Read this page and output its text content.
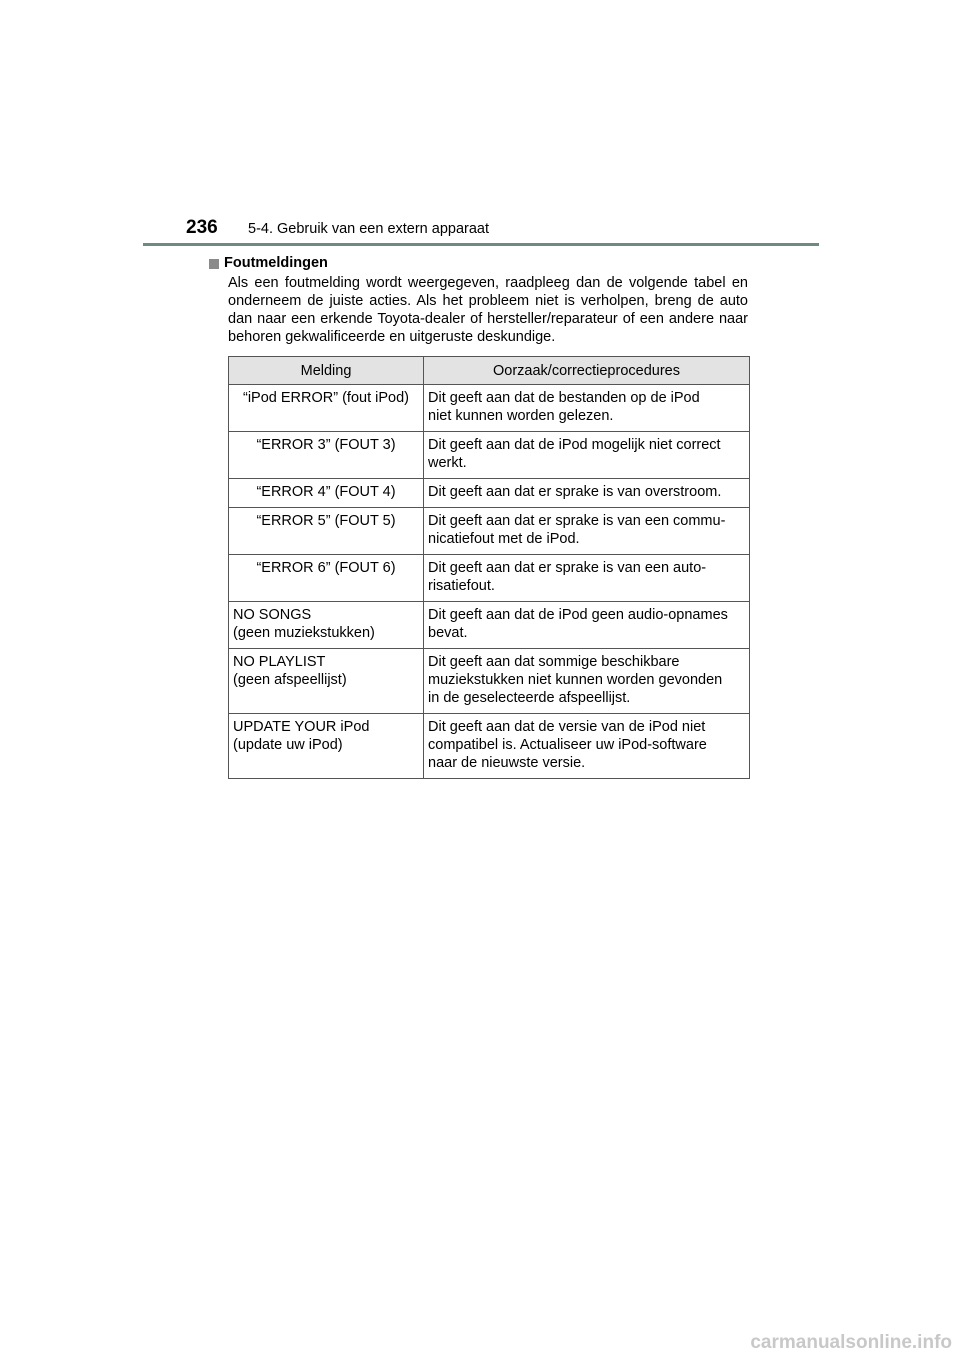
236 5-4. Gebruik van een extern apparaat
Foutmeldingen
Als een foutmelding wordt weergegeven, raadpleeg dan de volgende tabel en onderneem de juiste acties. Als het probleem niet is verholpen, breng de auto dan naar een erkende Toyota-dealer of hersteller/reparateur of een andere naar behoren gekwalificeerde en uitgeruste deskundige.
Melding	Oorzaak/correctieprocedures

“iPod ERROR” (fout iPod)	Dit geeft aan dat de bestanden op de iPod
niet kunnen worden gelezen.

“ERROR 3” (FOUT 3)	Dit geeft aan dat de iPod mogelijk niet correct
werkt.

“ERROR 4” (FOUT 4)	Dit geeft aan dat er sprake is van overstroom.

“ERROR 5” (FOUT 5)	Dit geeft aan dat er sprake is van een commu-
nicatiefout met de iPod.

“ERROR 6” (FOUT 6)	Dit geeft aan dat er sprake is van een auto-
risatiefout.

NO SONGS
(geen muziekstukken)	Dit geeft aan dat de iPod geen audio-opnames
bevat.

NO PLAYLIST
(geen afspeellijst)	Dit geeft aan dat sommige beschikbare
muziekstukken niet kunnen worden gevonden
in de geselecteerde afspeellijst.

UPDATE YOUR iPod
(update uw iPod)	Dit geeft aan dat de versie van de iPod niet
compatibel is. Actualiseer uw iPod-software
naar de nieuwste versie.
carmanualsonline.info
